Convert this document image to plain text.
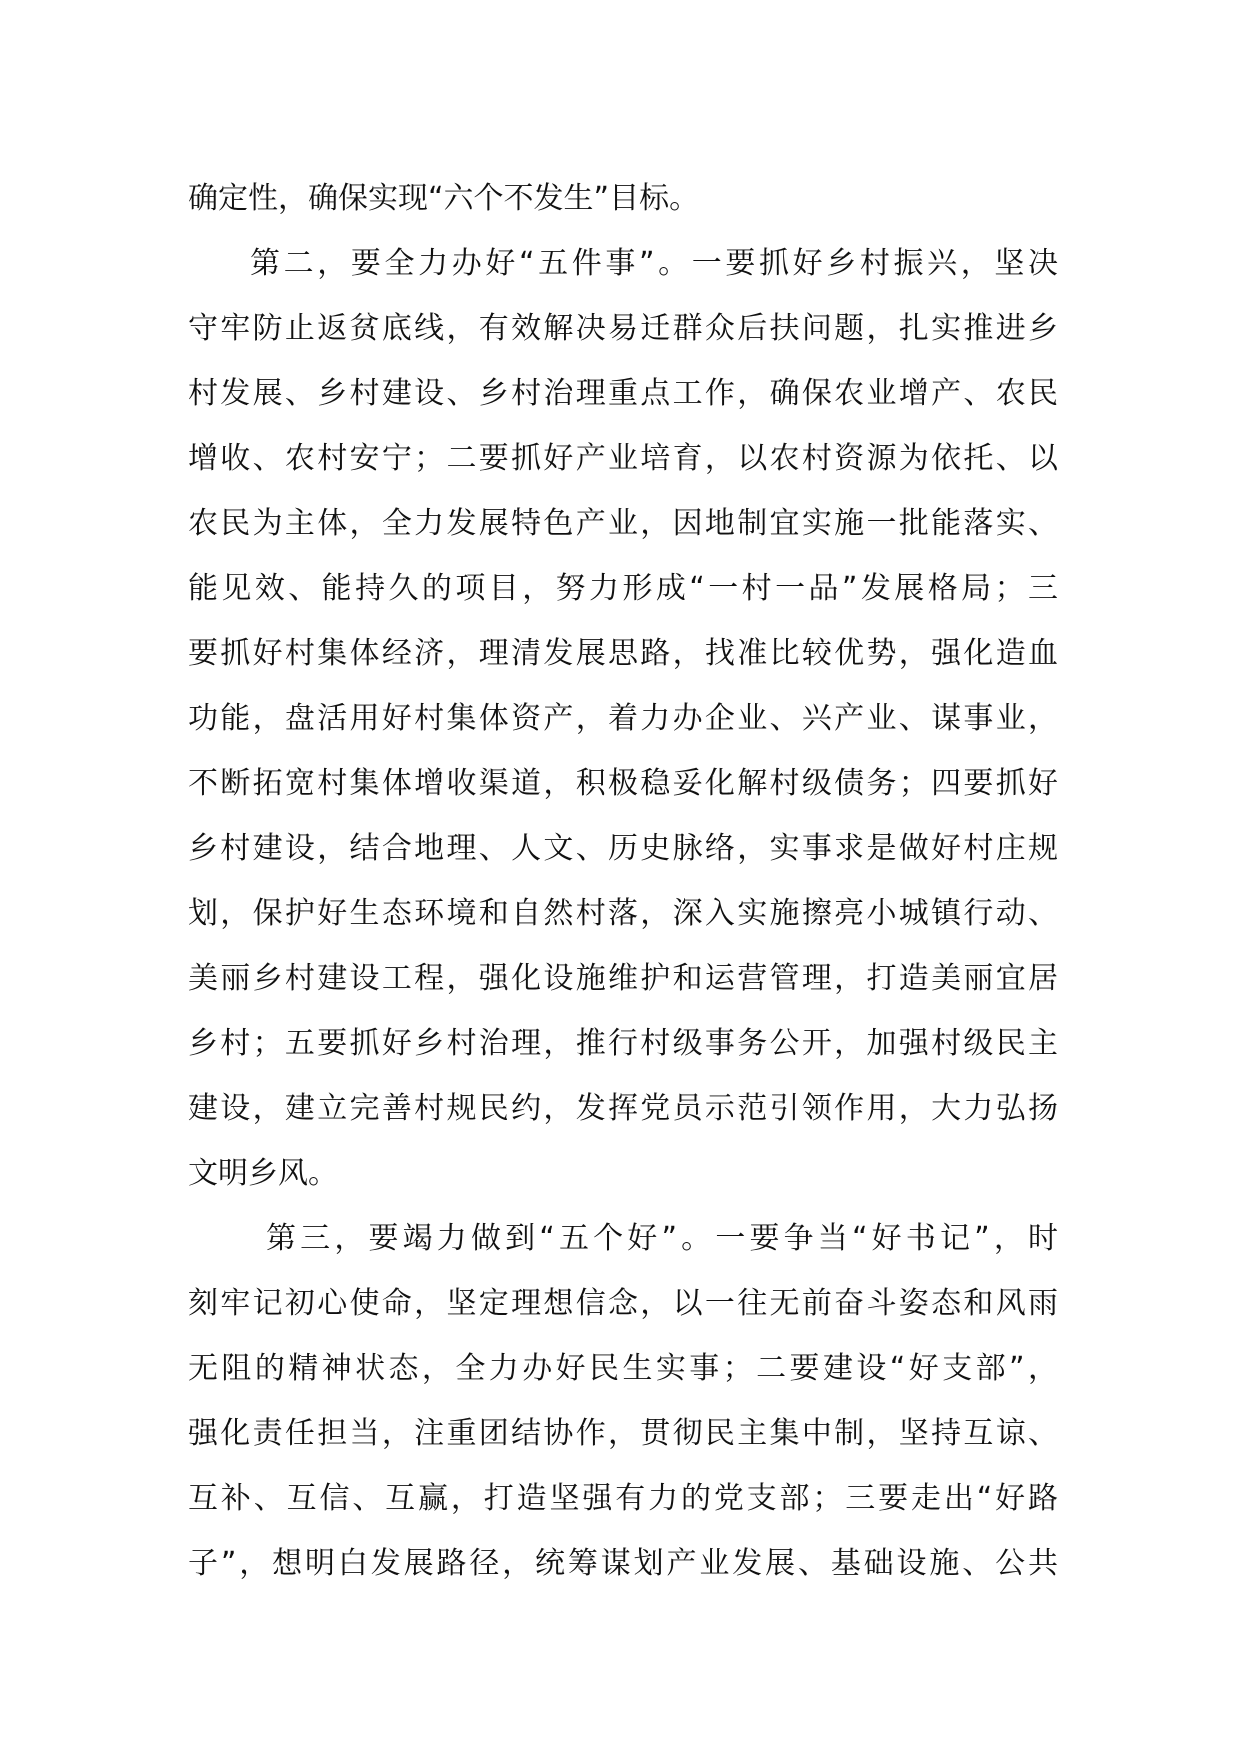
确定性，确保实现“六个不发生”目标。
第二，要全力办好“五件事”。一要抓好乡村振兴，坚决
守牢防止返贫底线，有效解决易迁群众后扶问题，扎实推进乡
村发展、乡村建设、乡村治理重点工作，确保农业增产、农民
增收、农村安宁；二要抓好产业培育，以农村资源为依托、以
农民为主体，全力发展特色产业，因地制宜实施一批能落实、
能见效、能持久的项目，努力形成“一村一品”发展格局；三
要抓好村集体经济，理清发展思路，找准比较优势，强化造血
功能，盘活用好村集体资产，着力办企业、兴产业、谋事业，
不断拓宽村集体增收渠道，积极稳妥化解村级债务；四要抓好
乡村建设，结合地理、人文、历史脉络，实事求是做好村庄规
划，保护好生态环境和自然村落，深入实施擦亮小城镇行动、
美丽乡村建设工程，强化设施维护和运营管理，打造美丽宜居
乡村；五要抓好乡村治理，推行村级事务公开，加强村级民主
建设，建立完善村规民约，发挥党员示范引领作用，大力弘扬
文明乡风。
第三，要竭力做到“五个好”。一要争当“好书记”，时
刻牢记初心使命，坚定理想信念，以一往无前奋斗姿态和风雨
无阻的精神状态，全力办好民生实事；二要建设“好支部”，
强化责任担当，注重团结协作，贯彻民主集中制，坚持互谅、
互补、互信、互赢，打造坚强有力的党支部；三要走出“好路
子”，想明白发展路径，统筹谋划产业发展、基础设施、公共
